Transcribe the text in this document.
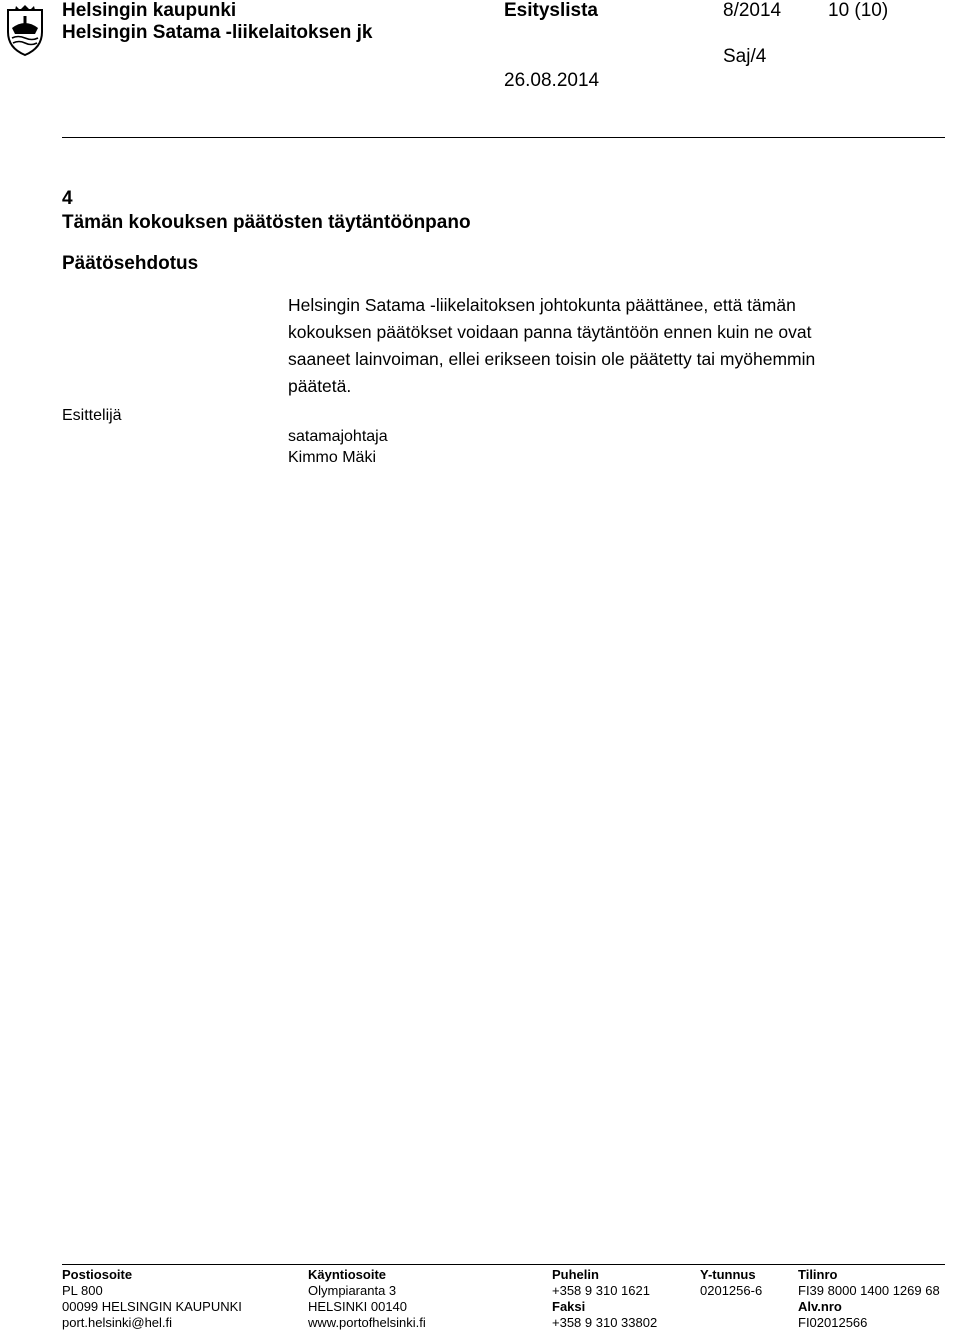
Helsingin kaupunki
Helsingin Satama -liikelaitoksen jk
Esityslista	8/2014 10 (10)
Saj/4
26.08.2014
4
Tämän kokouksen päätösten täytäntöönpano
Päätösehdotus

Helsingin Satama -liikelaitoksen johtokunta päättänee, että tämän

kokouksen päätökset voidaan panna täytäntöön ennen kuin ne ovat

saaneet lainvoiman, ellei erikseen toisin ole päätetty tai myöhemmin

päätetä.

Esittelijä
satamajohtaja
Kimmo Mäki
Postiosoite
PL 800
00099 HELSINGIN KAUPUNKI
port.helsinki@hel.fi
Käyntiosoite
Olympiaranta 3
HELSINKI 00140
www.portofhelsinki.fi
Puhelin
+358 9 310 1621
Faksi
+358 9 310 33802
Y-tunnus
0201256-6
Tilinro
FI39 8000 1400 1269 68
Alv.nro
FI02012566
